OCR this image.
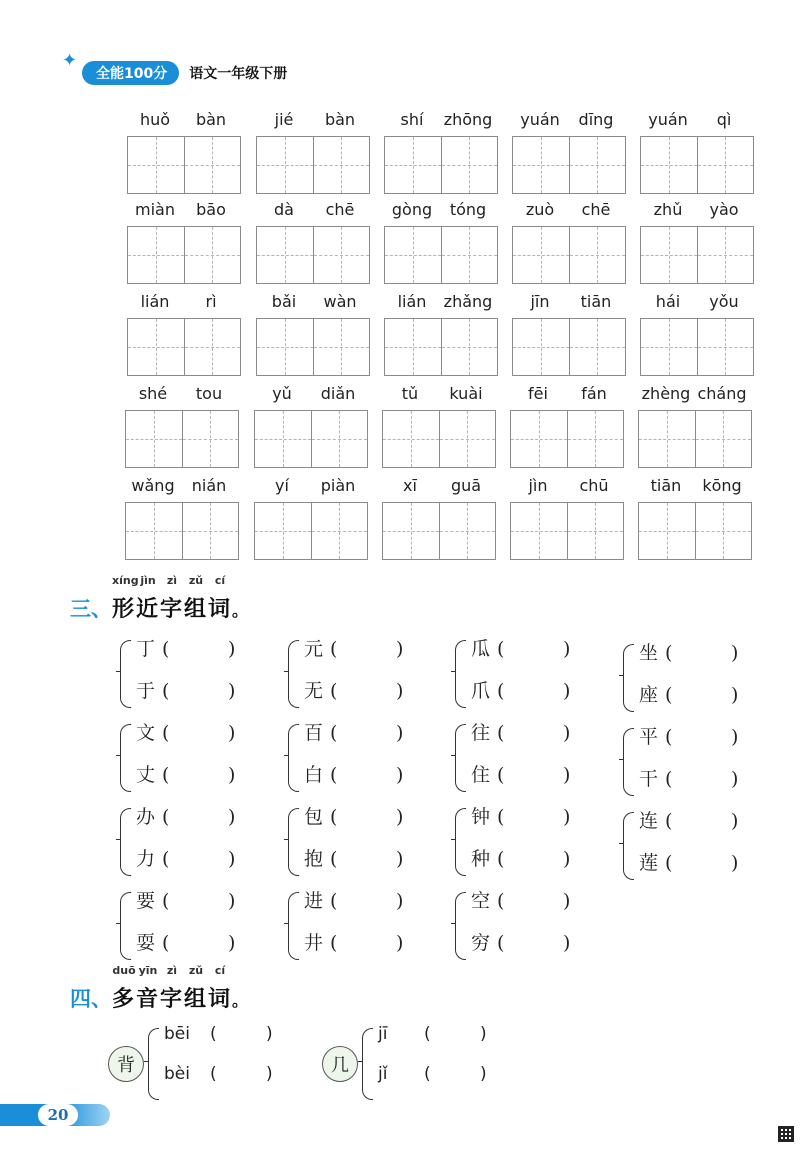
✦
全能100分	语文一年级下册
huǒ	bàn	jié	bàn	shí	zhōng	yuán	dīng	yuán	qì
miàn	bāo	dà	chē	gòng	tóng	zuò	chē	zhǔ	yào
lián	rì	bǎi	wàn	lián	zhǎng	jīn	tiān	hái	yǒu
shé	tou	yǔ	diǎn	tǔ	kuài	fēi	fán	zhèng cháng
wǎng	nián	yí	piàn	xī	guā	jìn	chū	tiān	kōng
三、
xíng jìn zì zǔ cí
形近字组词。
丁 (	)
于 (	)
元 (	)
无 (	)
瓜 (	)
爪 (	)
坐 (	)
座 (	)
文 (	)
丈 (	)
百 (	)
白 (	)
往 (	)
住 (	)
平 (	)
干 (	)
办 (	)
力 (	)
包 (	)
抱 (	)
钟 (	)
种 (	)
连 (	)
莲 (	)
要 (	)
耍 (	)
进 (	)
井 (	)
空 (	)
穷 (	)
四、
duō yīn zì zǔ cí
多音字组词。
背
bēi (	)
bèi (	)	几
jī (	)
jǐ (	)
20
